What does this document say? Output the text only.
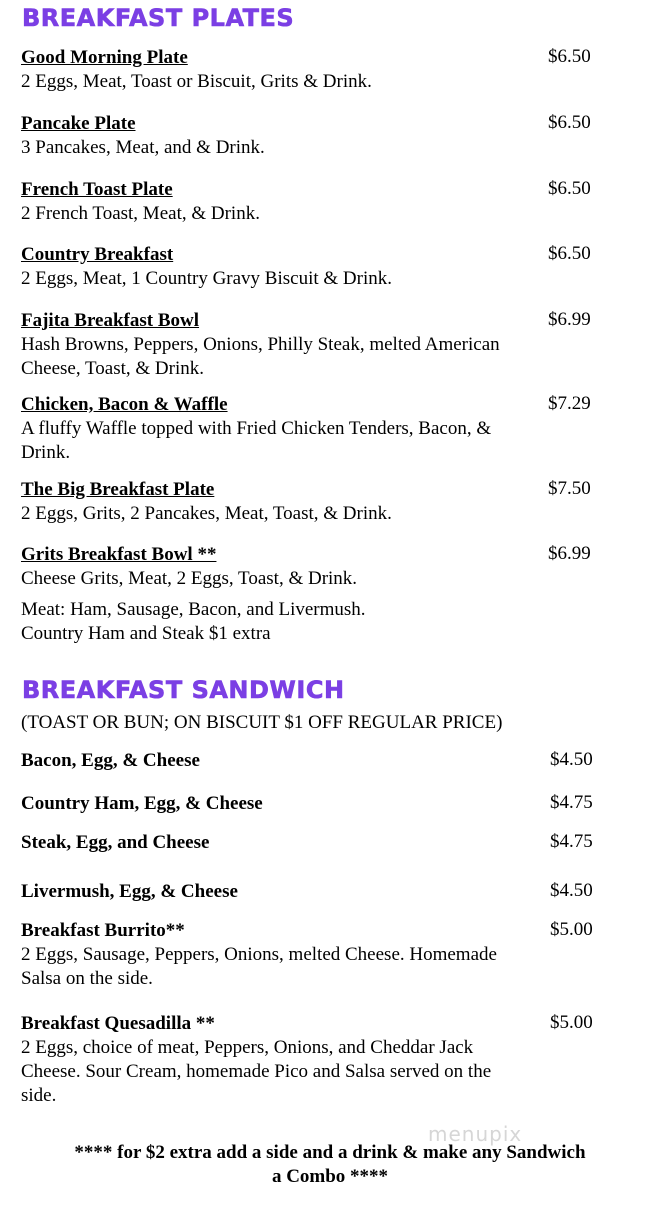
BREAKFAST PLATES
Good Morning Plate	$6.50
2 Eggs, Meat, Toast or Biscuit, Grits & Drink.
Pancake Plate	$6.50
3 Pancakes, Meat, and & Drink.
French Toast Plate	$6.50
2 French Toast, Meat, & Drink.
Country Breakfast	$6.50
2 Eggs, Meat, 1 Country Gravy Biscuit & Drink.
Fajita Breakfast Bowl	$6.99
Hash Browns, Peppers, Onions, Philly Steak, melted American Cheese, Toast, & Drink.
Chicken, Bacon & Waffle	$7.29
A fluffy Waffle topped with Fried Chicken Tenders, Bacon, & Drink.
The Big Breakfast Plate	$7.50
2 Eggs, Grits, 2 Pancakes, Meat, Toast, & Drink.
Grits Breakfast Bowl **	$6.99
Cheese Grits, Meat, 2 Eggs, Toast, & Drink.
Meat: Ham, Sausage, Bacon, and Livermush.
Country Ham and Steak $1 extra
BREAKFAST SANDWICH
(TOAST OR BUN; ON BISCUIT $1 OFF REGULAR PRICE)
Bacon, Egg, & Cheese	$4.50
Country Ham, Egg, & Cheese	$4.75
Steak, Egg, and Cheese	$4.75
Livermush, Egg, & Cheese	$4.50
Breakfast Burrito**	$5.00
2 Eggs, Sausage, Peppers, Onions, melted Cheese. Homemade Salsa on the side.
Breakfast Quesadilla **	$5.00
2 Eggs, choice of meat, Peppers, Onions, and Cheddar Jack Cheese. Sour Cream, homemade Pico and Salsa served on the side.
menupix
**** for $2 extra add a side and a drink & make any Sandwich
a Combo ****
